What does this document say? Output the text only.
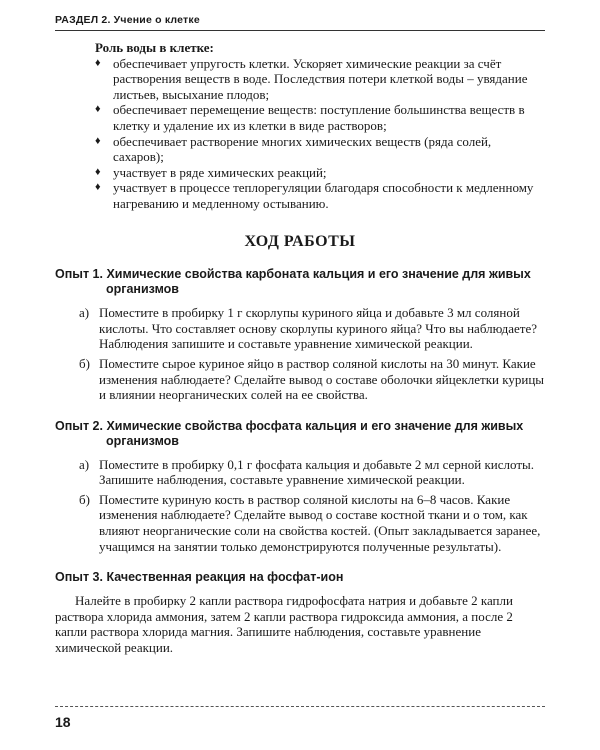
РАЗДЕЛ 2. Учение о клетке
Роль воды в клетке:
♦ обеспечивает упругость клетки. Ускоряет химические реакции за счёт растворения веществ в воде. Последствия потери клеткой воды – увядание листьев, высыхание плодов;
♦ обеспечивает перемещение веществ: поступление большинства веществ в клетку и удаление их из клетки в виде растворов;
♦ обеспечивает растворение многих химических веществ (ряда солей, сахаров);
♦ участвует в ряде химических реакций;
♦ участвует в процессе теплорегуляции благодаря способности к медленному нагреванию и медленному остыванию.
ХОД РАБОТЫ
Опыт 1. Химические свойства карбоната кальция и его значение для живых
организмов
а) Поместите в пробирку 1 г скорлупы куриного яйца и добавьте 3 мл соляной кислоты. Что составляет основу скорлупы куриного яйца? Что вы наблюдаете? Наблюдения запишите и составьте уравнение химической реакции.
б) Поместите сырое куриное яйцо в раствор соляной кислоты на 30 минут. Какие изменения наблюдаете? Сделайте вывод о составе оболочки яйцеклетки курицы и влиянии неорганических солей на ее свойства.
Опыт 2. Химические свойства фосфата кальция и его значение для живых
организмов
а) Поместите в пробирку 0,1 г фосфата кальция и добавьте 2 мл серной кислоты. Запишите наблюдения, составьте уравнение химической реакции.
б) Поместите куриную кость в раствор соляной кислоты на 6–8 часов. Какие изменения наблюдаете? Сделайте вывод о составе костной ткани и о том, как влияют неорганические соли на свойства костей. (Опыт закладывается заранее, учащимся на занятии только демонстрируются полученные результаты).
Опыт 3. Качественная реакция на фосфат-ион

Налейте в пробирку 2 капли раствора гидрофосфата натрия и добавьте 2 капли раствора хлорида аммония, затем 2 капли раствора гидроксида аммония, а после 2 капли раствора хлорида магния. Запишите наблюдения, составьте уравнение химической реакции.

18
